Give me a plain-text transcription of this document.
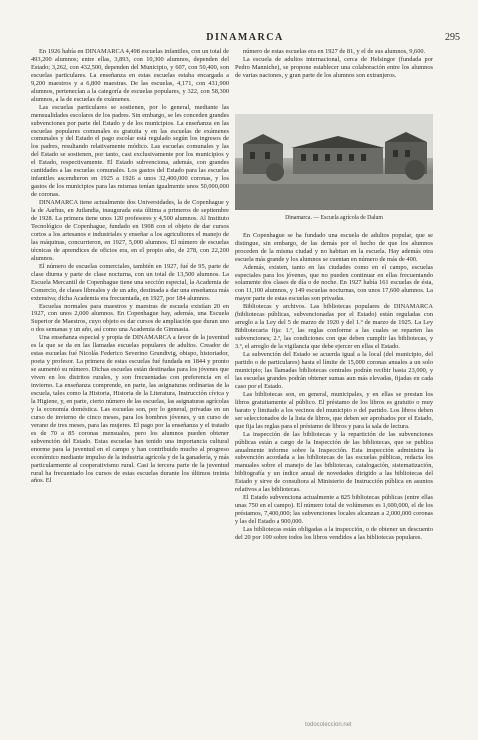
DINAMARCA	295

En 1926 había en DINAMARCA 4,498 escuelas infantiles, con un total de 493,200 alumnos; entre ellas, 3,893, con 10,300 alumnos, dependen del Estado; 3,262, con 432,500, dependen del Municipio, y 607, con 50,400, son escuelas particulares. La enseñanza en estas escuelas estaba encargada a 9,200 maestros y a 6,800 maestras. De las escuelas, 4,171, con 431,900 alumnos, pertenecían a la categoría de escuelas populares, y 322, con 58,300 alumnos, a la de escuelas de exámenes.

Las escuelas particulares se sostienen, por lo general, mediante las mensualidades escolares de los padres. Sin embargo, se les conceden grandes subvenciones por parte del Estado y de los municipios. La enseñanza en las escuelas populares comunales es gratuita y en las escuelas de exámenes comunales y del Estado el pago escolar está regulado según los ingresos de los padres, resultando relativamente módico. Las escuelas comunales y las del Estado se sostienen, por tanto, casi exclusivamente por los municipios y el Estado, respectivamente. El Estado subvenciona, además, con grandes cantidades a las escuelas comunales. Los gastos del Estado para las escuelas infantiles ascendieron en 1925 a 1926 a unos 32,400,000 coronas, y los gastos de los municipios para las mismas tenían igualmente unos 50,000,000 de coronas.

DINAMARCA tiene actualmente dos Universidades, la de Copenhague y la de Aarhus, en Jutlandia, inaugurada esta última a primeros de septiembre de 1928. La primera tiene unos 120 profesores y 4,500 alumnos. Al Instituto Tecnológico de Copenhague, fundado en 1908 con el objeto de dar cursos cortos a los artesanos e industriales y enseñar a los agricultores el manejo de las máquinas, concurrieron, en 1927, 5,000 alumnos. El número de escuelas técnicas de aprendices de oficios era, en el propio año, de 278, con 22,200 alumnos.

El número de escuelas comerciales, también en 1927, fué de 95, parte de clase diurna y parte de clase nocturna, con un total de 13,500 alumnos. La Escuela Mercantil de Copenhague tiene una sección especial, la Academia de Comercio, de clases libreales y de un año, destinada a dar una enseñanza más extensiva; dicha Academia era frecuentada, en 1927, por 184 alumnos.

Escuelas normales para maestros y maestras de escuela existían 20 en 1927, con unos 2,000 alumnos. En Copenhague hay, además, una Escuela Superior de Maestros, cuyo objeto es dar cursos de ampliación que duran uno o dos semanas y un año, así como una Academia de Gimnasia.

Una enseñanza especial y propia de DINAMARCA a favor de la juventud es la que se da en las llamadas escuelas populares de adultos. Creador de estas escuelas fué Nicolás Federico Severino Grundtvig, obispo, historiador, poeta y profesor. La primera de estas escuelas fué fundada en 1844 y pronto se aumentó su número. Dichas escuelas están destinadas para los jóvenes que viven en los distritos rurales, y son frecuentadas con preferencia en el invierno. La enseñanza comprende, en parte, las asignaturas ordinarias de la escuela, tales como la Historia, Historia de la Literatura, Instrucción cívica y la Higiene, y, en parte, cierto número de las escuelas, las asignaturas agrícolas y la economía doméstica. Las escuelas son, por lo general, privadas en un curso de invierno de cinco meses, para los hombres jóvenes, y un curso de verano de tres meses, para las mujeres. El pago por la enseñanza y el tratado es de 70 a 85 coronas mensuales, pero los alumnos pueden obtener subvención del Estado. Estas escuelas han tenido una importancia cultural enorme para la juventud en el campo y han contribuido mucho al progreso económico mediante impulso de la industria agrícola y de la ganadería, y más particularmente al cooperativismo rural. Casi la tercera parte de la juventud rural ha frecuentado los cursos de estas escuelas durante los últimos treinta años. El

número de estas escuelas era en 1927 de 81, y el de sus alumnos, 9,600.

La escuela de adultos internacional, cerca de Helsingor (fundada por Pedro Manniche), se propone establecer una colaboración entre los alumnos de varias naciones, y gran parte de los alumnos son extranjeros.

Dinamarca. — Escuela agrícola de Dalum

En Copenhague se ha fundado una escuela de adultos popular, que se distingue, sin embargo, de las demás por el hecho de que los alumnos proceden de la misma ciudad y no habitan en la escuela. Hay además otra escuela más grande y los alumnos se cuentan en número de más de 400.

Además, existen, tanto en las ciudades como en el campo, escuelas especiales para los jóvenes, que no pueden continuar en ellas frecuentando solamente dos clases de día o de noche. En 1927 había 161 escuelas de ésta, con 11,100 alumnos, y 149 escuelas nocturnas, con unos 17,600 alumnos. La mayor parte de estas escuelas son privadas.

Bibliotecas y archivos. Las bibliotecas populares de DINAMARCA (bibliotecas públicas, subvencionadas por el Estado) están reguladas con arreglo a la Ley del 5 de marzo de 1920 y del 1.º de marzo de 1925. La Ley Bibliotecaria fija: 1.º, las reglas conforme a las cuales se reparten las subvenciones; 2.º, las condiciones con que deben cumplir las bibliotecas, y 3.º, el arreglo de la vigilancia que debe ejercer en ellas el Estado.

La subvención del Estado se acuerda igual a la local (del municipio, del partido o de particulares) hasta el límite de 15,000 coronas anuales a un solo municipio; las llamadas bibliotecas centrales podrán recibir hasta 23,000, y las escuelas grandes podrán obtener sumas aun más elevadas, fijadas en cada caso por el Estado.

Las bibliotecas son, en general, municipales, y en ellas se prestan los libros gratuitamente al público. El préstamo de los libros es gratuito o muy barato y limitado a los vecinos del municipio o del partido. Los libros deben ser seleccionados de la lista de libros, que deben ser aprobados por el Estado, que fija las reglas para el préstamo de libros y para la sala de lectura.

La inspección de las bibliotecas y la repartición de las subvenciones públicas están a cargo de la Inspección de las bibliotecas, que se publica anualmente informe sobre la Inspección. Esta inspección administra la subvención acordada a las bibliotecas de las escuelas públicas, redacta los manuales sobre el manejo de las bibliotecas, catalogación, sistematización, bibliografía y un índice anual de novedades dirigido a las bibliotecas del Estado y sirve de consultora al Ministerio de Instrucción pública en asuntos relativos a las bibliotecas.

El Estado subvenciona actualmente a 825 bibliotecas públicas (entre ellas unas 750 en el campo). El número total de volúmenes es 1,600,000, el de los préstamos, 7,400,000; las subvenciones locales alcanzan a 2,000,000 coronas y las del Estado a 900,000.

Las bibliotecas están obligadas a la inspección, o de obtener un descuento del 20 por 100 sobre todos los libros vendidos a las bibliotecas populares.

todocoleccion.net
